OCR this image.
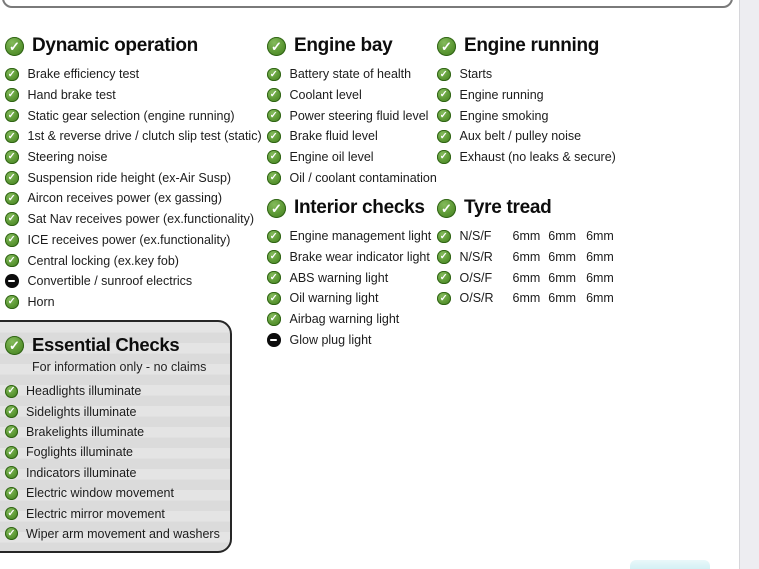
✓
Dynamic operation
✓
Brake efficiency test
✓
Hand brake test
✓
Static gear selection (engine running)
✓
1st & reverse drive / clutch slip test (static)
✓
Steering noise
✓
Suspension ride height (ex-Air Susp)
✓
Aircon receives power (ex gassing)
✓
Sat Nav receives power (ex.functionality)
✓
ICE receives power (ex.functionality)
✓
Central locking (ex.key fob)
Convertible / sunroof electrics
✓
Horn
✓
Engine bay
✓
Battery state of health
✓
Coolant level
✓
Power steering fluid level
✓
Brake fluid level
✓
Engine oil level
✓
Oil / coolant contamination
✓
Engine running
✓
Starts
✓
Engine running
✓
Engine smoking
✓
Aux belt / pulley noise
✓
Exhaust (no leaks & secure)
✓
Interior checks
✓
Engine management light
✓
Brake wear indicator light
✓
ABS warning light
✓
Oil warning light
✓
Airbag warning light
Glow plug light
✓
Tyre tread
✓
N/S/F	6mm 6mm 6mm
✓
N/S/R	6mm 6mm 6mm
✓
O/S/F	6mm 6mm 6mm
✓
O/S/R	6mm 6mm 6mm
✓
Essential Checks

For information only - no claims

✓
Headlights illuminate
✓
Sidelights illuminate
✓
Brakelights illuminate
✓
Foglights illuminate
✓
Indicators illuminate
✓
Electric window movement
✓
Electric mirror movement
✓
Wiper arm movement and washers
